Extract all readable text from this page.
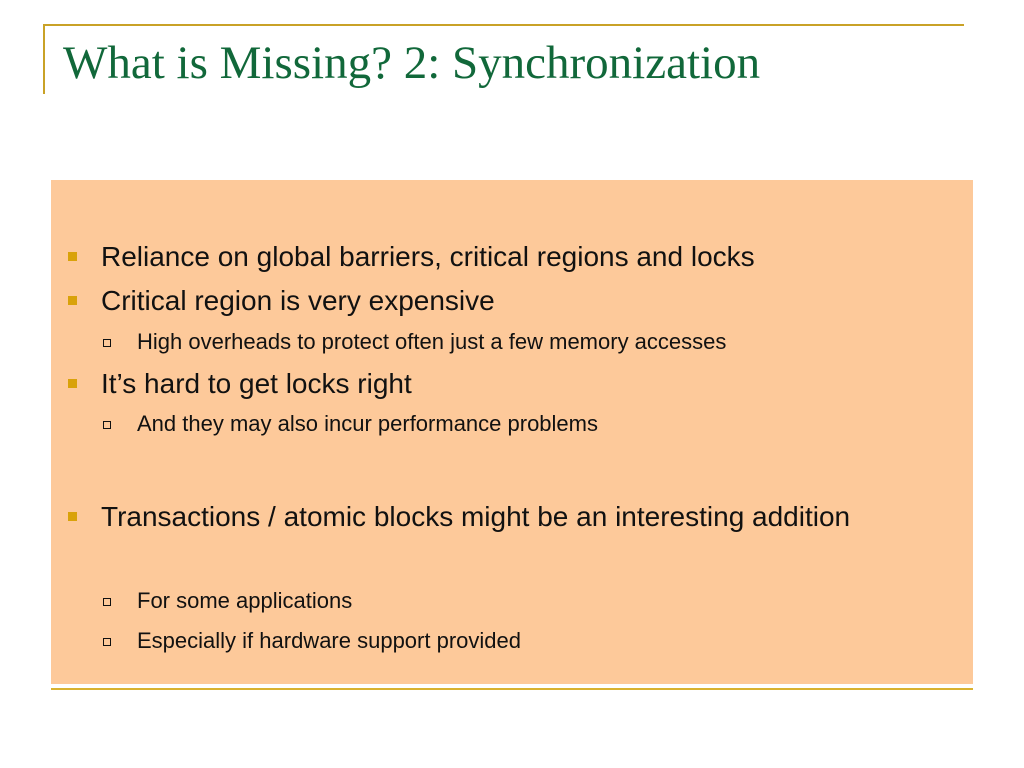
What is Missing? 2: Synchronization
Reliance on global barriers, critical regions and locks
Critical region is very expensive
High overheads to protect often just a few memory accesses
It’s hard to get locks right
And they may also incur performance problems
Transactions / atomic blocks might be an interesting addition
For some applications
Especially if hardware support provided
